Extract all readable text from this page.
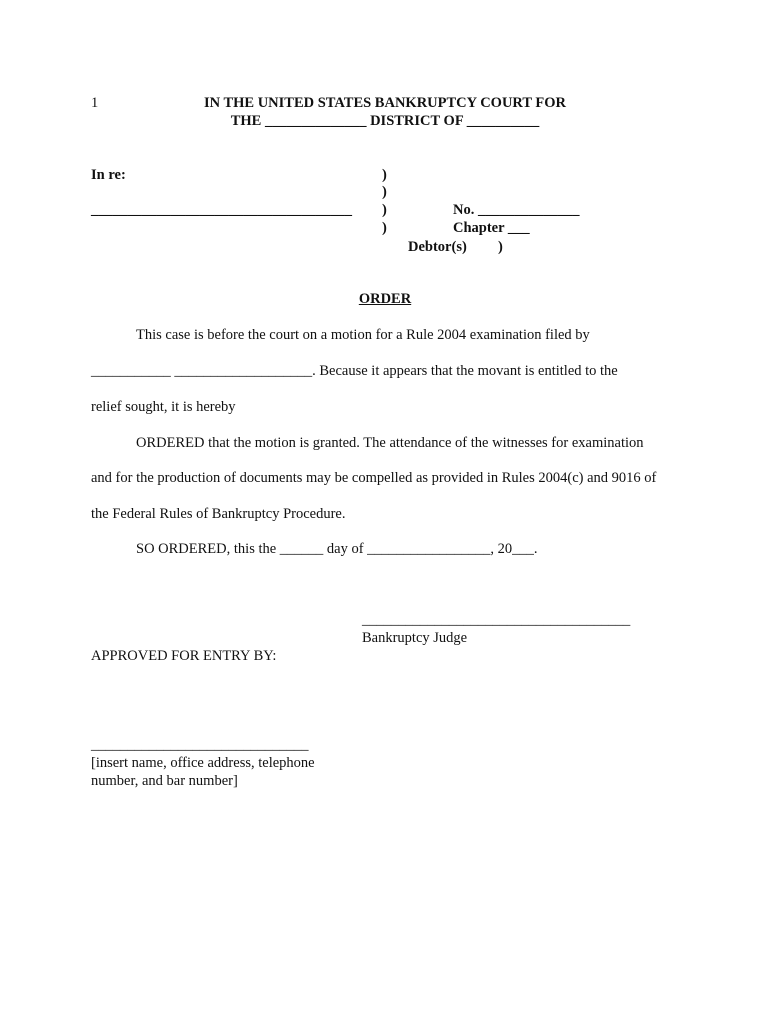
1	IN THE UNITED STATES BANKRUPTCY COURT FOR
THE ______________ DISTRICT OF __________
In re:
____________________________________
)
)
)
)
No. ______________
Chapter ___
Debtor(s) )
ORDER
This case is before the court on a motion for a Rule 2004 examination filed by
___________ ___________________. Because it appears that the movant is entitled to the
relief sought, it is hereby
ORDERED that the motion is granted. The attendance of the witnesses for examination
and for the production of documents may be compelled as provided in Rules 2004(c) and 9016 of
the Federal Rules of Bankruptcy Procedure.
SO ORDERED, this the ______ day of _________________, 20___.
_____________________________________
Bankruptcy Judge
APPROVED FOR ENTRY BY:
______________________________
[insert name, office address, telephone
number, and bar number]
